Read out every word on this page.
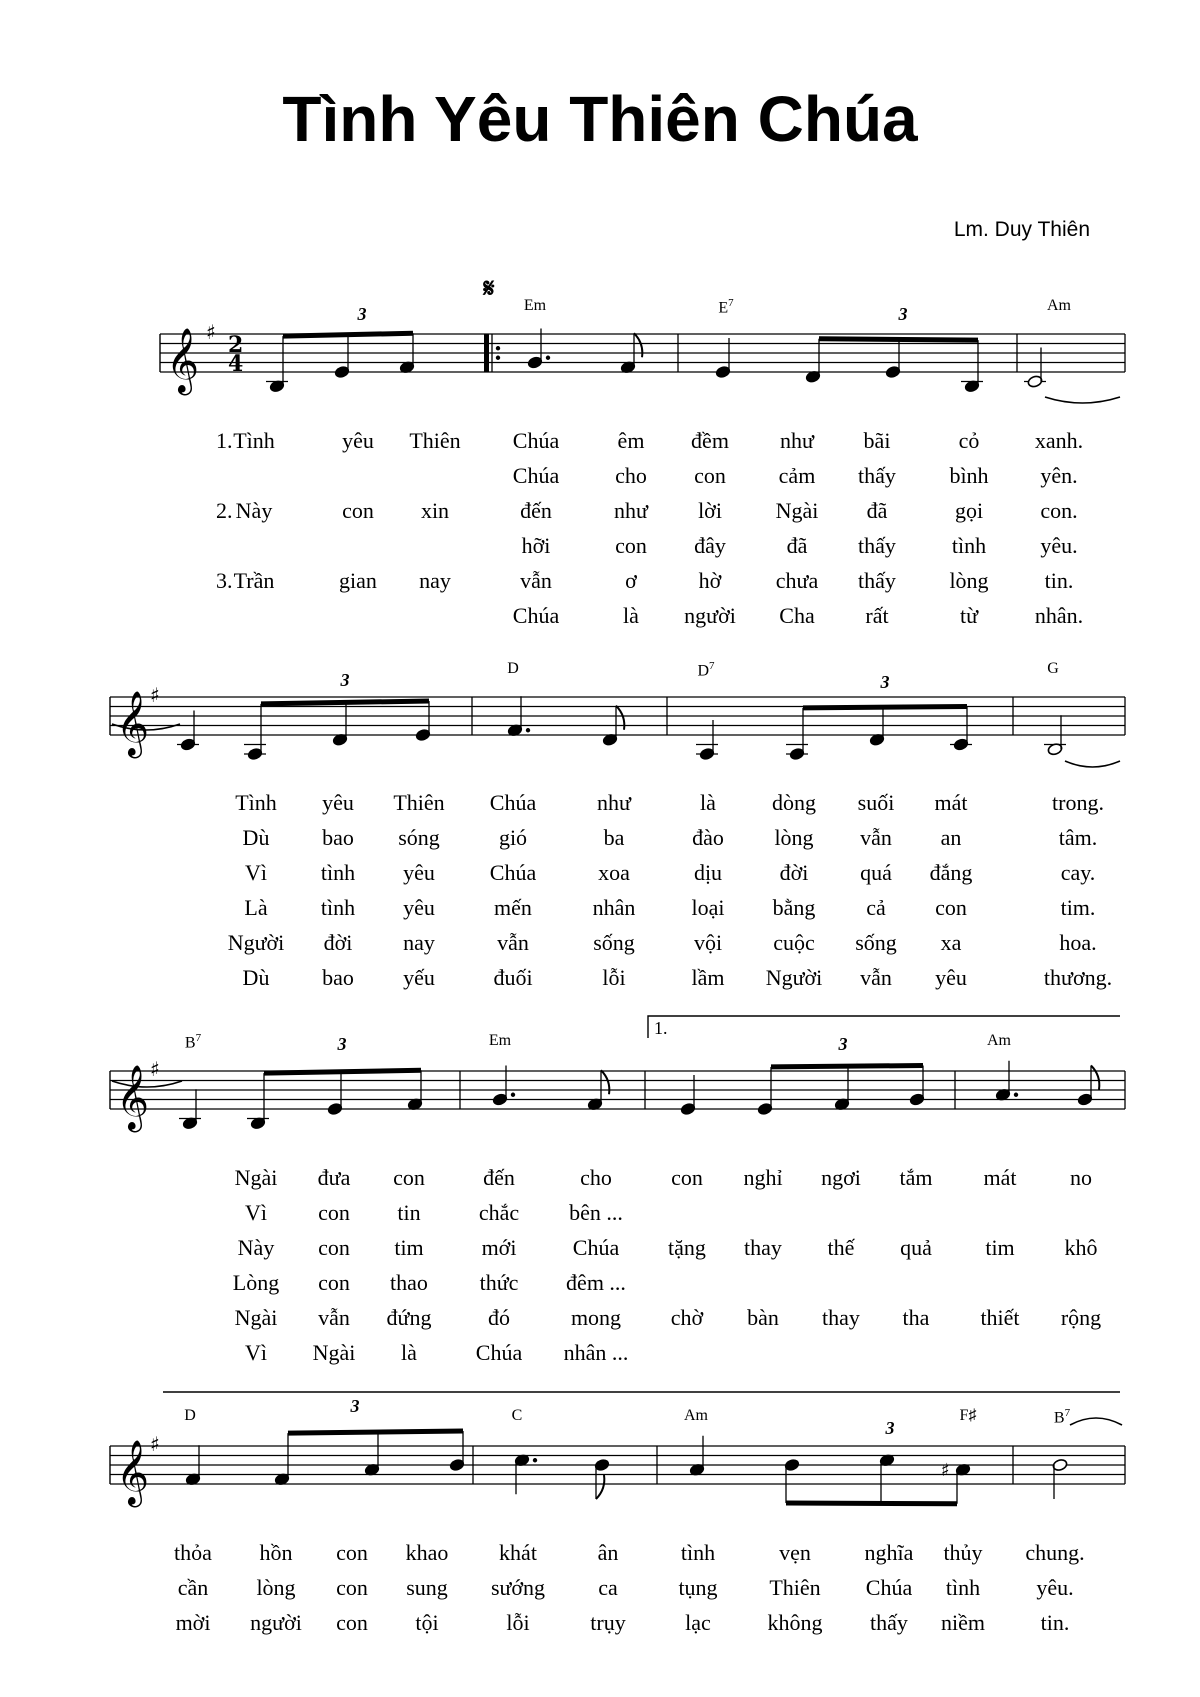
Tình Yêu Thiên Chúa
Lm. Duy Thiên
𝄞 ♯ 2
4
𝄞 ♯
𝄞 ♯
𝄞 ♯
♯
Em	$E^7$	Am
3	3
𝄋
Tình	yêu Thiên Chúa	êm đềm như bãi	cỏ	xanh.
Chúa	cho con cảm thấy bình yên.
Này	con xin	đến	như lời Ngài đã	gọi	con.
hỡi	con đây	đã thấy	tình yêu.
Trần	gian nay	vẫn	ơ	hờ chưa thấy lòng	tin.
Chúa	là người Cha rất	từ	nhân.
1.
2.
3.
D	$D^7$	G
3	3
Tình yêu Thiên Chúa	như	là	dòng suối mát	trong.
Dù bao sóng	gió	ba	đào lòng vẫn an	tâm.
Vì tình yêu Chúa	xoa	dịu	đời quá đắng	cay.
Là tình yêu	mến	nhân	loại bằng cả con	tim.
Người đời nay	vẫn	sống	vội cuộc sống xa	hoa.
Dù bao yếu	đuối	lỗi	lầm Người vẫn yêu	thương.
$B^7$	Em	Am
3	3
1.
Ngài đưa con	đến	cho	con nghỉ ngơi tắm mát no
Vì con tin	chắc bên ...
Này con tim	mới	Chúa tặng thay thế quả tim khô
Lòng con thao thức đêm ...
Ngài vẫn đứng	đó	mong chờ bàn thay tha thiết rộng
Vì Ngài là	Chúa nhân ...
D	C	Am	F♯	$B^7$
3
3
thỏa hồn con khao khát	ân	tình	vẹn nghĩa thủy chung.
cần lòng con sung sướng ca	tụng Thiên Chúa tình	yêu.
mời người con tội	lỗi	trụy	lạc	không thấy niềm	tin.
